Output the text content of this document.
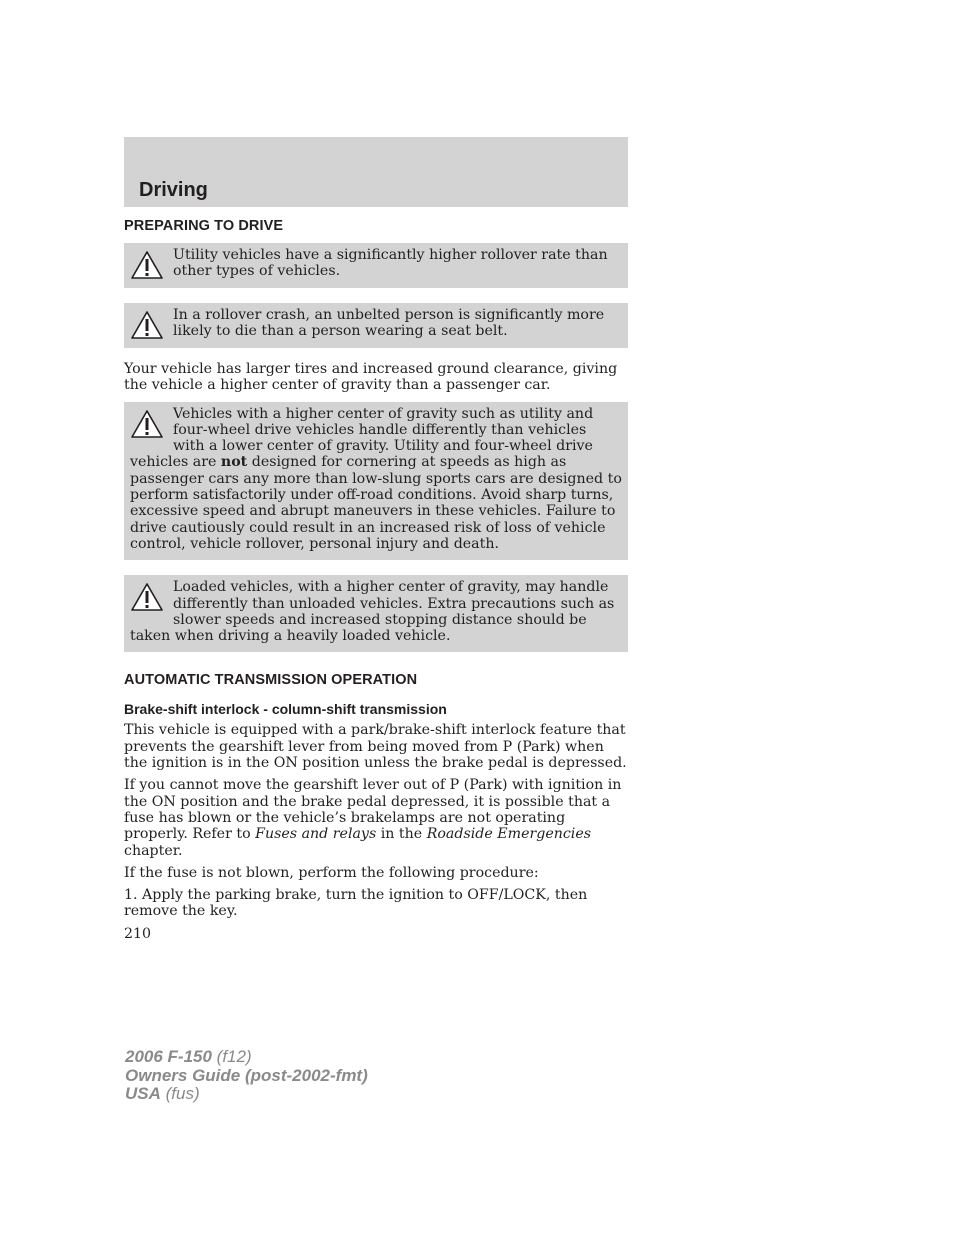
Driving
PREPARING TO DRIVE
Utility vehicles have a significantly higher rollover rate than other types of vehicles.
In a rollover crash, an unbelted person is significantly more likely to die than a person wearing a seat belt.

Your vehicle has larger tires and increased ground clearance, giving the vehicle a higher center of gravity than a passenger car.

Vehicles with a higher center of gravity such as utility and four-wheel drive vehicles handle differently than vehicles with a lower center of gravity. Utility and four-wheel drive vehicles are not designed for cornering at speeds as high as passenger cars any more than low-slung sports cars are designed to perform satisfactorily under off-road conditions. Avoid sharp turns, excessive speed and abrupt maneuvers in these vehicles. Failure to drive cautiously could result in an increased risk of loss of vehicle control, vehicle rollover, personal injury and death.
Loaded vehicles, with a higher center of gravity, may handle differently than unloaded vehicles. Extra precautions such as slower speeds and increased stopping distance should be taken when driving a heavily loaded vehicle.
AUTOMATIC TRANSMISSION OPERATION
Brake-shift interlock - column-shift transmission

This vehicle is equipped with a park/brake-shift interlock feature that prevents the gearshift lever from being moved from P (Park) when the ignition is in the ON position unless the brake pedal is depressed.

If you cannot move the gearshift lever out of P (Park) with ignition in the ON position and the brake pedal depressed, it is possible that a fuse has blown or the vehicle’s brakelamps are not operating properly. Refer to Fuses and relays in the Roadside Emergencies chapter.

If the fuse is not blown, perform the following procedure:

1. Apply the parking brake, turn the ignition to OFF/LOCK, then remove the key.

210
2006 F-150 (f12)
Owners Guide (post-2002-fmt)
USA (fus)
